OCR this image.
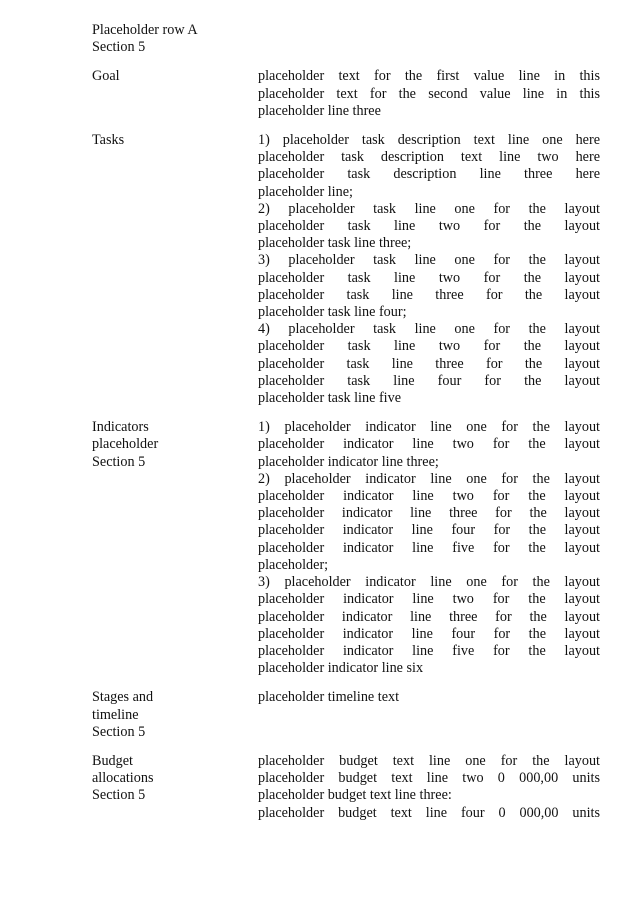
Placeholder row A
Section 5
Goal	placeholder text for the first value line in this
placeholder text for the second value line in this
placeholder line three
Tasks	1) placeholder task description text line one here
placeholder task description text line two here
placeholder task description line three here
placeholder line;
2) placeholder task line one for the layout
placeholder task line two for the layout
placeholder task line three;
3) placeholder task line one for the layout
placeholder task line two for the layout
placeholder task line three for the layout
placeholder task line four;
4) placeholder task line one for the layout
placeholder task line two for the layout
placeholder task line three for the layout
placeholder task line four for the layout
placeholder task line five
Indicators
placeholder
Section 5
1) placeholder indicator line one for the layout
placeholder indicator line two for the layout
placeholder indicator line three;
2) placeholder indicator line one for the layout
placeholder indicator line two for the layout
placeholder indicator line three for the layout
placeholder indicator line four for the layout
placeholder indicator line five for the layout
placeholder;
3) placeholder indicator line one for the layout
placeholder indicator line two for the layout
placeholder indicator line three for the layout
placeholder indicator line four for the layout
placeholder indicator line five for the layout
placeholder indicator line six
Stages and
timeline
Section 5
placeholder timeline text
Budget
allocations
Section 5
placeholder budget text line one for the layout
placeholder budget text line two 0 000,00 units
placeholder budget text line three:
placeholder budget text line four 0 000,00 units
